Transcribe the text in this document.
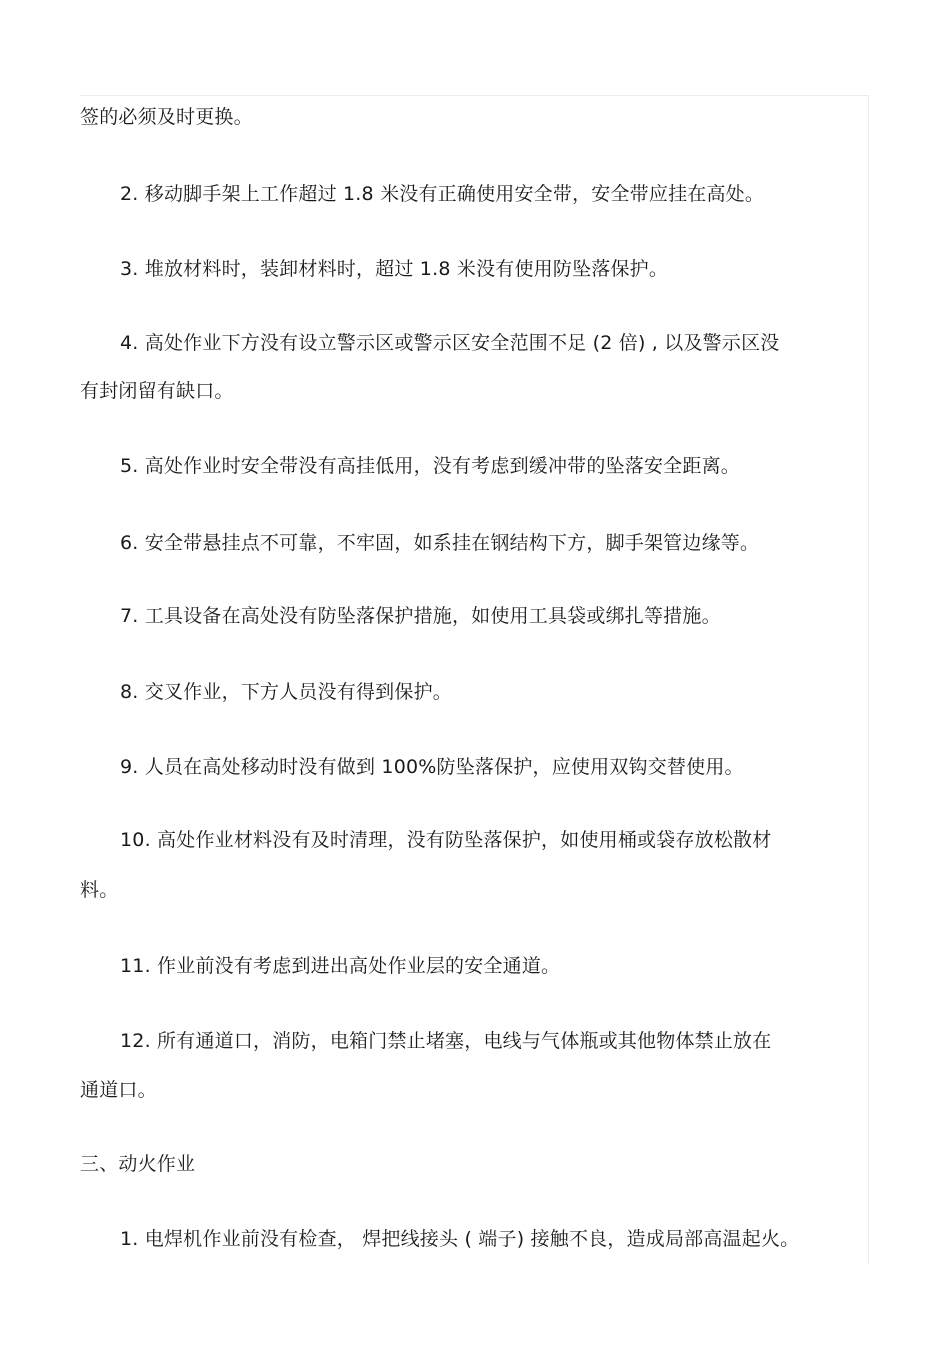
签的必须及时更换。
2. 移动脚手架上工作超过 1.8 米没有正确使用安全带，安全带应挂在高处。
3. 堆放材料时，装卸材料时，超过 1.8 米没有使用防坠落保护。
4. 高处作业下方没有设立警示区或警示区安全范围不足 (2 倍) , 以及警示区没
有封闭留有缺口。
5. 高处作业时安全带没有高挂低用，没有考虑到缓冲带的坠落安全距离。
6. 安全带悬挂点不可靠，不牢固，如系挂在钢结构下方，脚手架管边缘等。
7. 工具设备在高处没有防坠落保护措施，如使用工具袋或绑扎等措施。
8. 交叉作业，下方人员没有得到保护。
9. 人员在高处移动时没有做到 100%防坠落保护，应使用双钩交替使用。
10. 高处作业材料没有及时清理，没有防坠落保护，如使用桶或袋存放松散材
料。
11. 作业前没有考虑到进出高处作业层的安全通道。
12. 所有通道口，消防，电箱门禁止堵塞，电线与气体瓶或其他物体禁止放在
通道口。
三、动火作业
1. 电焊机作业前没有检查， 焊把线接头 ( 端子) 接触不良，造成局部高温起火。
